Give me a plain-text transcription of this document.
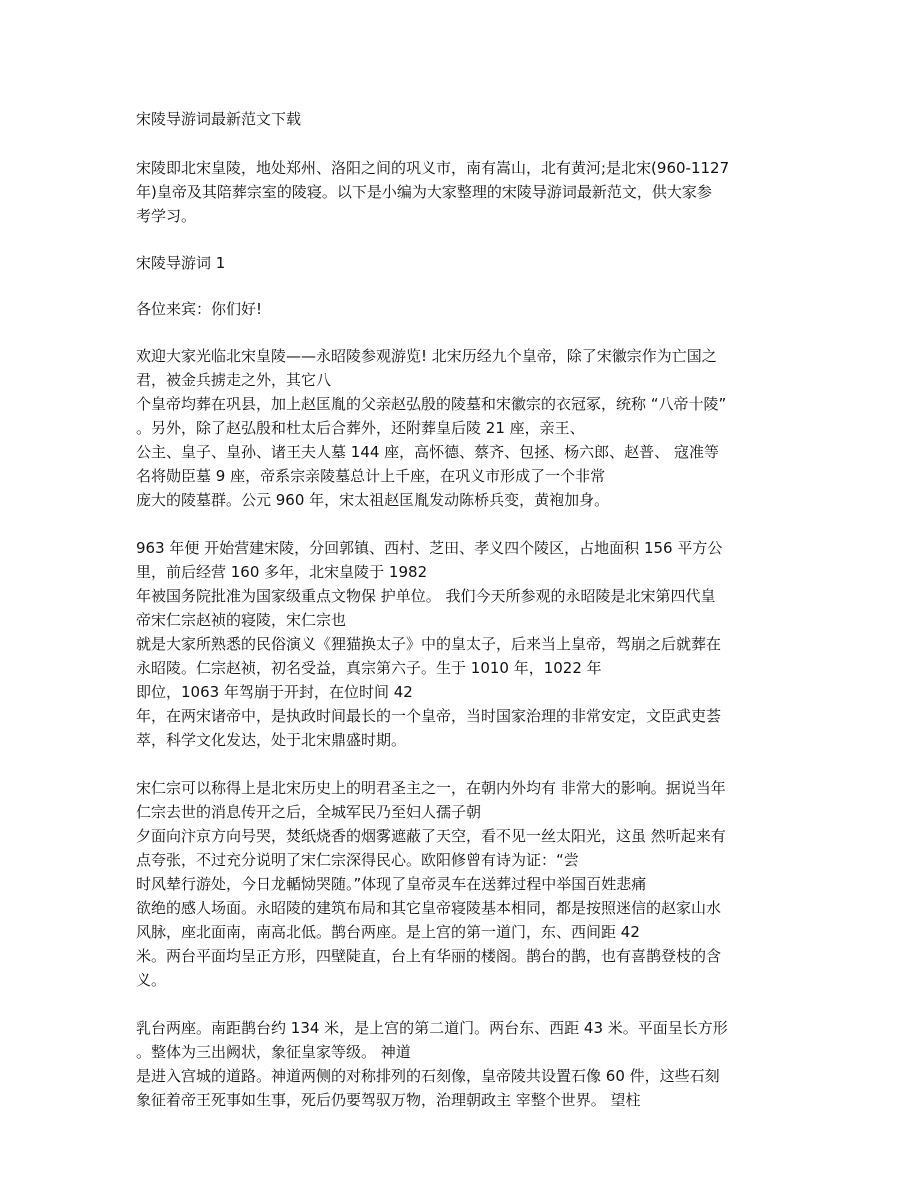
宋陵导游词最新范文下载
宋陵即北宋皇陵，地处郑州、洛阳之间的巩义市，南有嵩山，北有黄河;是北宋(960-1127
年)皇帝及其陪葬宗室的陵寝。以下是小编为大家整理的宋陵导游词最新范文，供大家参
考学习。
宋陵导游词 1
各位来宾：你们好!
欢迎大家光临北宋皇陵——永昭陵参观游览! 北宋历经九个皇帝，除了宋徽宗作为亡国之
君，被金兵掳走之外，其它八
个皇帝均葬在巩县，加上赵匡胤的父亲赵弘殷的陵墓和宋徽宗的衣冠冢，统称 “八帝十陵”
。另外，除了赵弘殷和杜太后合葬外，还附葬皇后陵 21 座，亲王、
公主、皇子、皇孙、诸王夫人墓 144 座，高怀德、蔡齐、包拯、杨六郎、赵普、 寇准等
名将勋臣墓 9 座，帝系宗亲陵墓总计上千座，在巩义市形成了一个非常
庞大的陵墓群。公元 960 年，宋太祖赵匡胤发动陈桥兵变，黄袍加身。
963 年便 开始营建宋陵，分回郭镇、西村、芝田、孝义四个陵区，占地面积 156 平方公
里，前后经营 160 多年，北宋皇陵于 1982
年被国务院批准为国家级重点文物保 护单位。 我们今天所参观的永昭陵是北宋第四代皇
帝宋仁宗赵祯的寝陵，宋仁宗也
就是大家所熟悉的民俗演义《狸猫换太子》中的皇太子，后来当上皇帝，驾崩之后就葬在
永昭陵。仁宗赵祯，初名受益，真宗第六子。生于 1010 年，1022 年
即位，1063 年驾崩于开封，在位时间 42
年，在两宋诸帝中，是执政时间最长的一个皇帝，当时国家治理的非常安定，文臣武吏荟
萃，科学文化发达，处于北宋鼎盛时期。
宋仁宗可以称得上是北宋历史上的明君圣主之一，在朝内外均有 非常大的影响。据说当年
仁宗去世的消息传开之后，全城军民乃至妇人孺子朝
夕面向汴京方向号哭，焚纸烧香的烟雾遮蔽了天空，看不见一丝太阳光，这虽 然听起来有
点夸张，不过充分说明了宋仁宗深得民心。欧阳修曾有诗为证：“尝
时风辇行游处，今日龙輴恸哭随。”体现了皇帝灵车在送葬过程中举国百姓悲痛
欲绝的感人场面。永昭陵的建筑布局和其它皇帝寝陵基本相同，都是按照迷信的赵家山水
风脉，座北面南，南高北低。鹊台两座。是上宫的第一道门，东、西间距 42
米。两台平面均呈正方形，四壁陡直，台上有华丽的楼阁。鹊台的鹊，也有喜鹊登枝的含
义。
乳台两座。南距鹊台约 134 米，是上宫的第二道门。两台东、西距 43 米。平面呈长方形
。整体为三出阙状，象征皇家等级。 神道
是进入宫城的道路。神道两侧的对称排列的石刻像，皇帝陵共设置石像 60 件，这些石刻
象征着帝王死事如生事，死后仍要驾驭万物，治理朝政主 宰整个世界。 望柱
